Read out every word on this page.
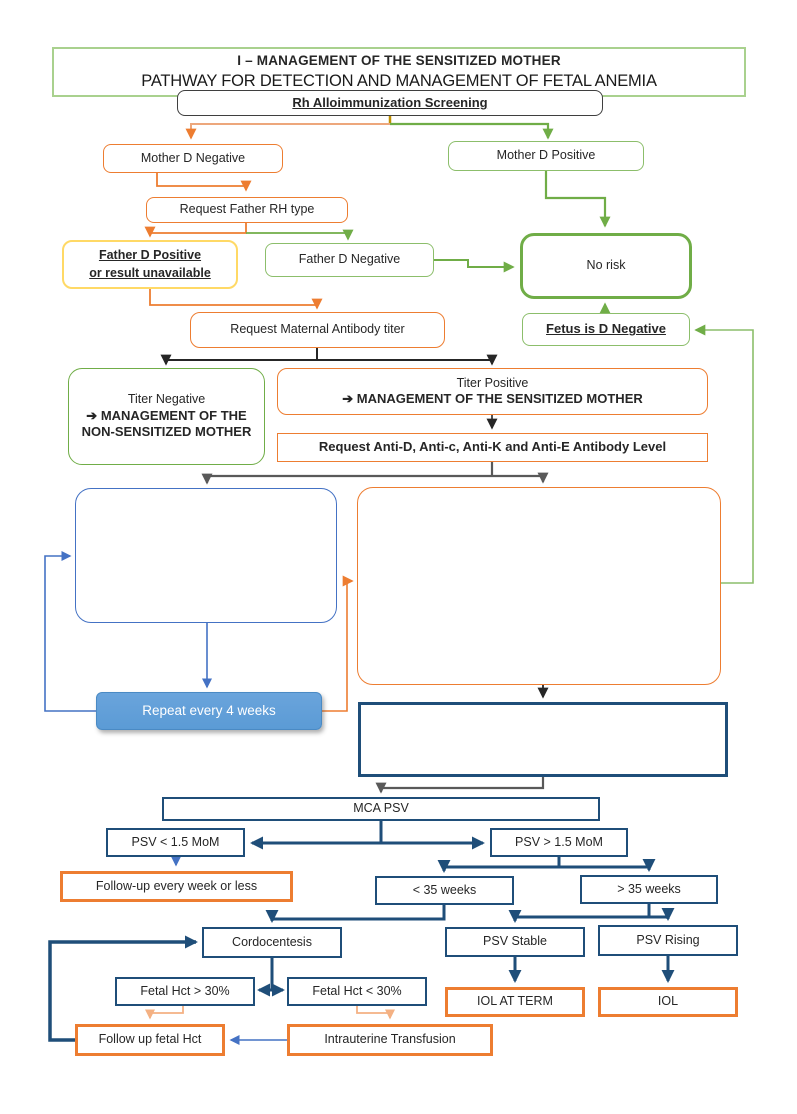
I – MANAGEMENT OF THE SENSITIZED MOTHER
PATHWAY FOR DETECTION AND MANAGEMENT OF FETAL ANEMIA
Rh Alloimmunization Screening
Mother D Negative	Mother D Positive
Request Father RH type
Father D Positive
or result unavailable
Father D Negative	No risk
Fetus is D Negative
Request Maternal Antibody titer
Titer Negative
➔ MANAGEMENT OF THE NON-SENSITIZED MOTHER
Titer Positive
➔ MANAGEMENT OF THE SENSITIZED MOTHER
Request Anti-D, Anti-c, Anti-K and Anti-E Antibody Level
Repeat every 4 weeks
MCA PSV
PSV < 1.5 MoM	PSV > 1.5 MoM
Follow-up every week or less	< 35 weeks	> 35 weeks
Cordocentesis	PSV Stable	PSV Rising
Fetal Hct > 30%	Fetal Hct < 30%
IOL AT TERM	IOL
Follow up fetal Hct	Intrauterine Transfusion
